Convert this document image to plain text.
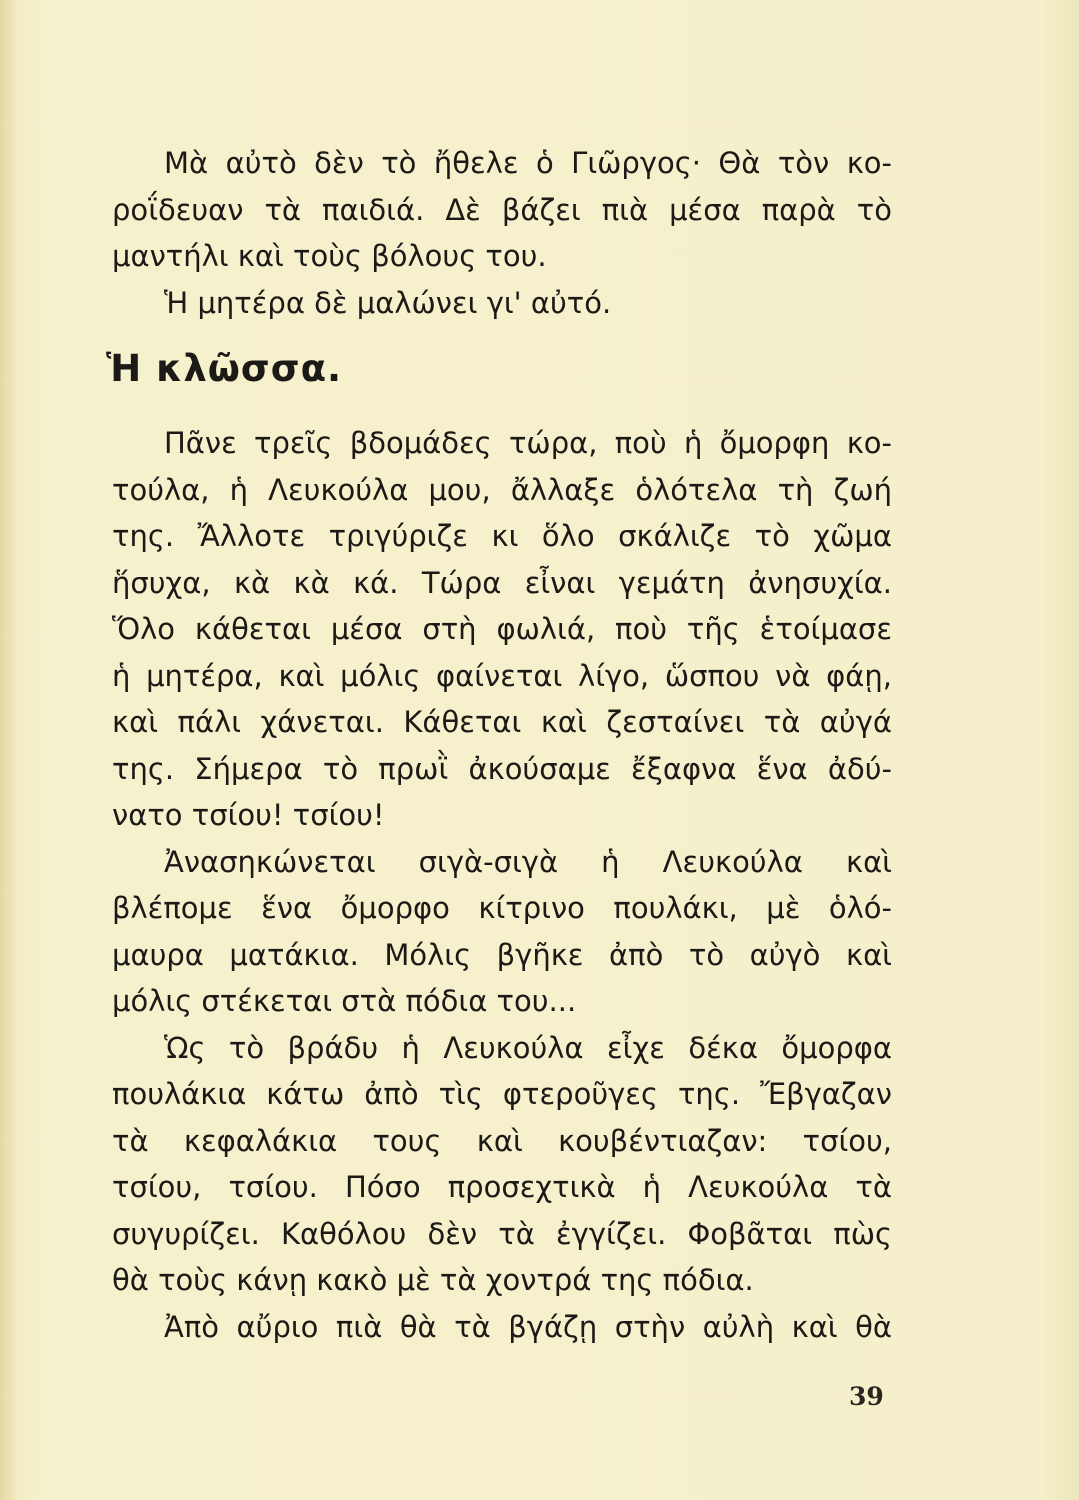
Μὰ αὐτὸ δὲν τὸ ἤθελε ὁ Γιῶργος· Θὰ τὸν κο-
ροΐδευαν τὰ παιδιά. Δὲ βάζει πιὰ μέσα παρὰ τὸ
μαντήλι καὶ τοὺς βόλους του.
Ἡ μητέρα δὲ μαλώνει γι' αὐτό.
Ἡ κλῶσσα.
Πᾶνε τρεῖς βδομάδες τώρα, ποὺ ἡ ὄμορφη κο-
τούλα, ἡ Λευκούλα μου, ἄλλαξε ὁλότελα τὴ ζωή
της. Ἄλλοτε τριγύριζε κι ὅλο σκάλιζε τὸ χῶμα
ἥσυχα, κὰ κὰ κά. Τώρα εἶναι γεμάτη ἀνησυχία.
Ὅλο κάθεται μέσα στὴ φωλιά, ποὺ τῆς ἑτοίμασε
ἡ μητέρα, καὶ μόλις φαίνεται λίγο, ὥσπου νὰ φάῃ,
καὶ πάλι χάνεται. Κάθεται καὶ ζεσταίνει τὰ αὐγά
της. Σήμερα τὸ πρωῒ ἀκούσαμε ἔξαφνα ἕνα ἀδύ-
νατο τσίου! τσίου!
Ἀνασηκώνεται σιγὰ-σιγὰ ἡ Λευκούλα καὶ
βλέπομε ἕνα ὄμορφο κίτρινο πουλάκι, μὲ ὁλό-
μαυρα ματάκια. Μόλις βγῆκε ἀπὸ τὸ αὐγὸ καὶ
μόλις στέκεται στὰ πόδια του...
Ὡς τὸ βράδυ ἡ Λευκούλα εἶχε δέκα ὄμορφα
πουλάκια κάτω ἀπὸ τὶς φτεροῦγες της. Ἔβγαζαν
τὰ κεφαλάκια τους καὶ κουβέντιαζαν: τσίου,
τσίου, τσίου. Πόσο προσεχτικὰ ἡ Λευκούλα τὰ
συγυρίζει. Καθόλου δὲν τὰ ἐγγίζει. Φοβᾶται πὼς
θὰ τοὺς κάνῃ κακὸ μὲ τὰ χοντρά της πόδια.
Ἀπὸ αὔριο πιὰ θὰ τὰ βγάζῃ στὴν αὐλὴ καὶ θὰ
39
